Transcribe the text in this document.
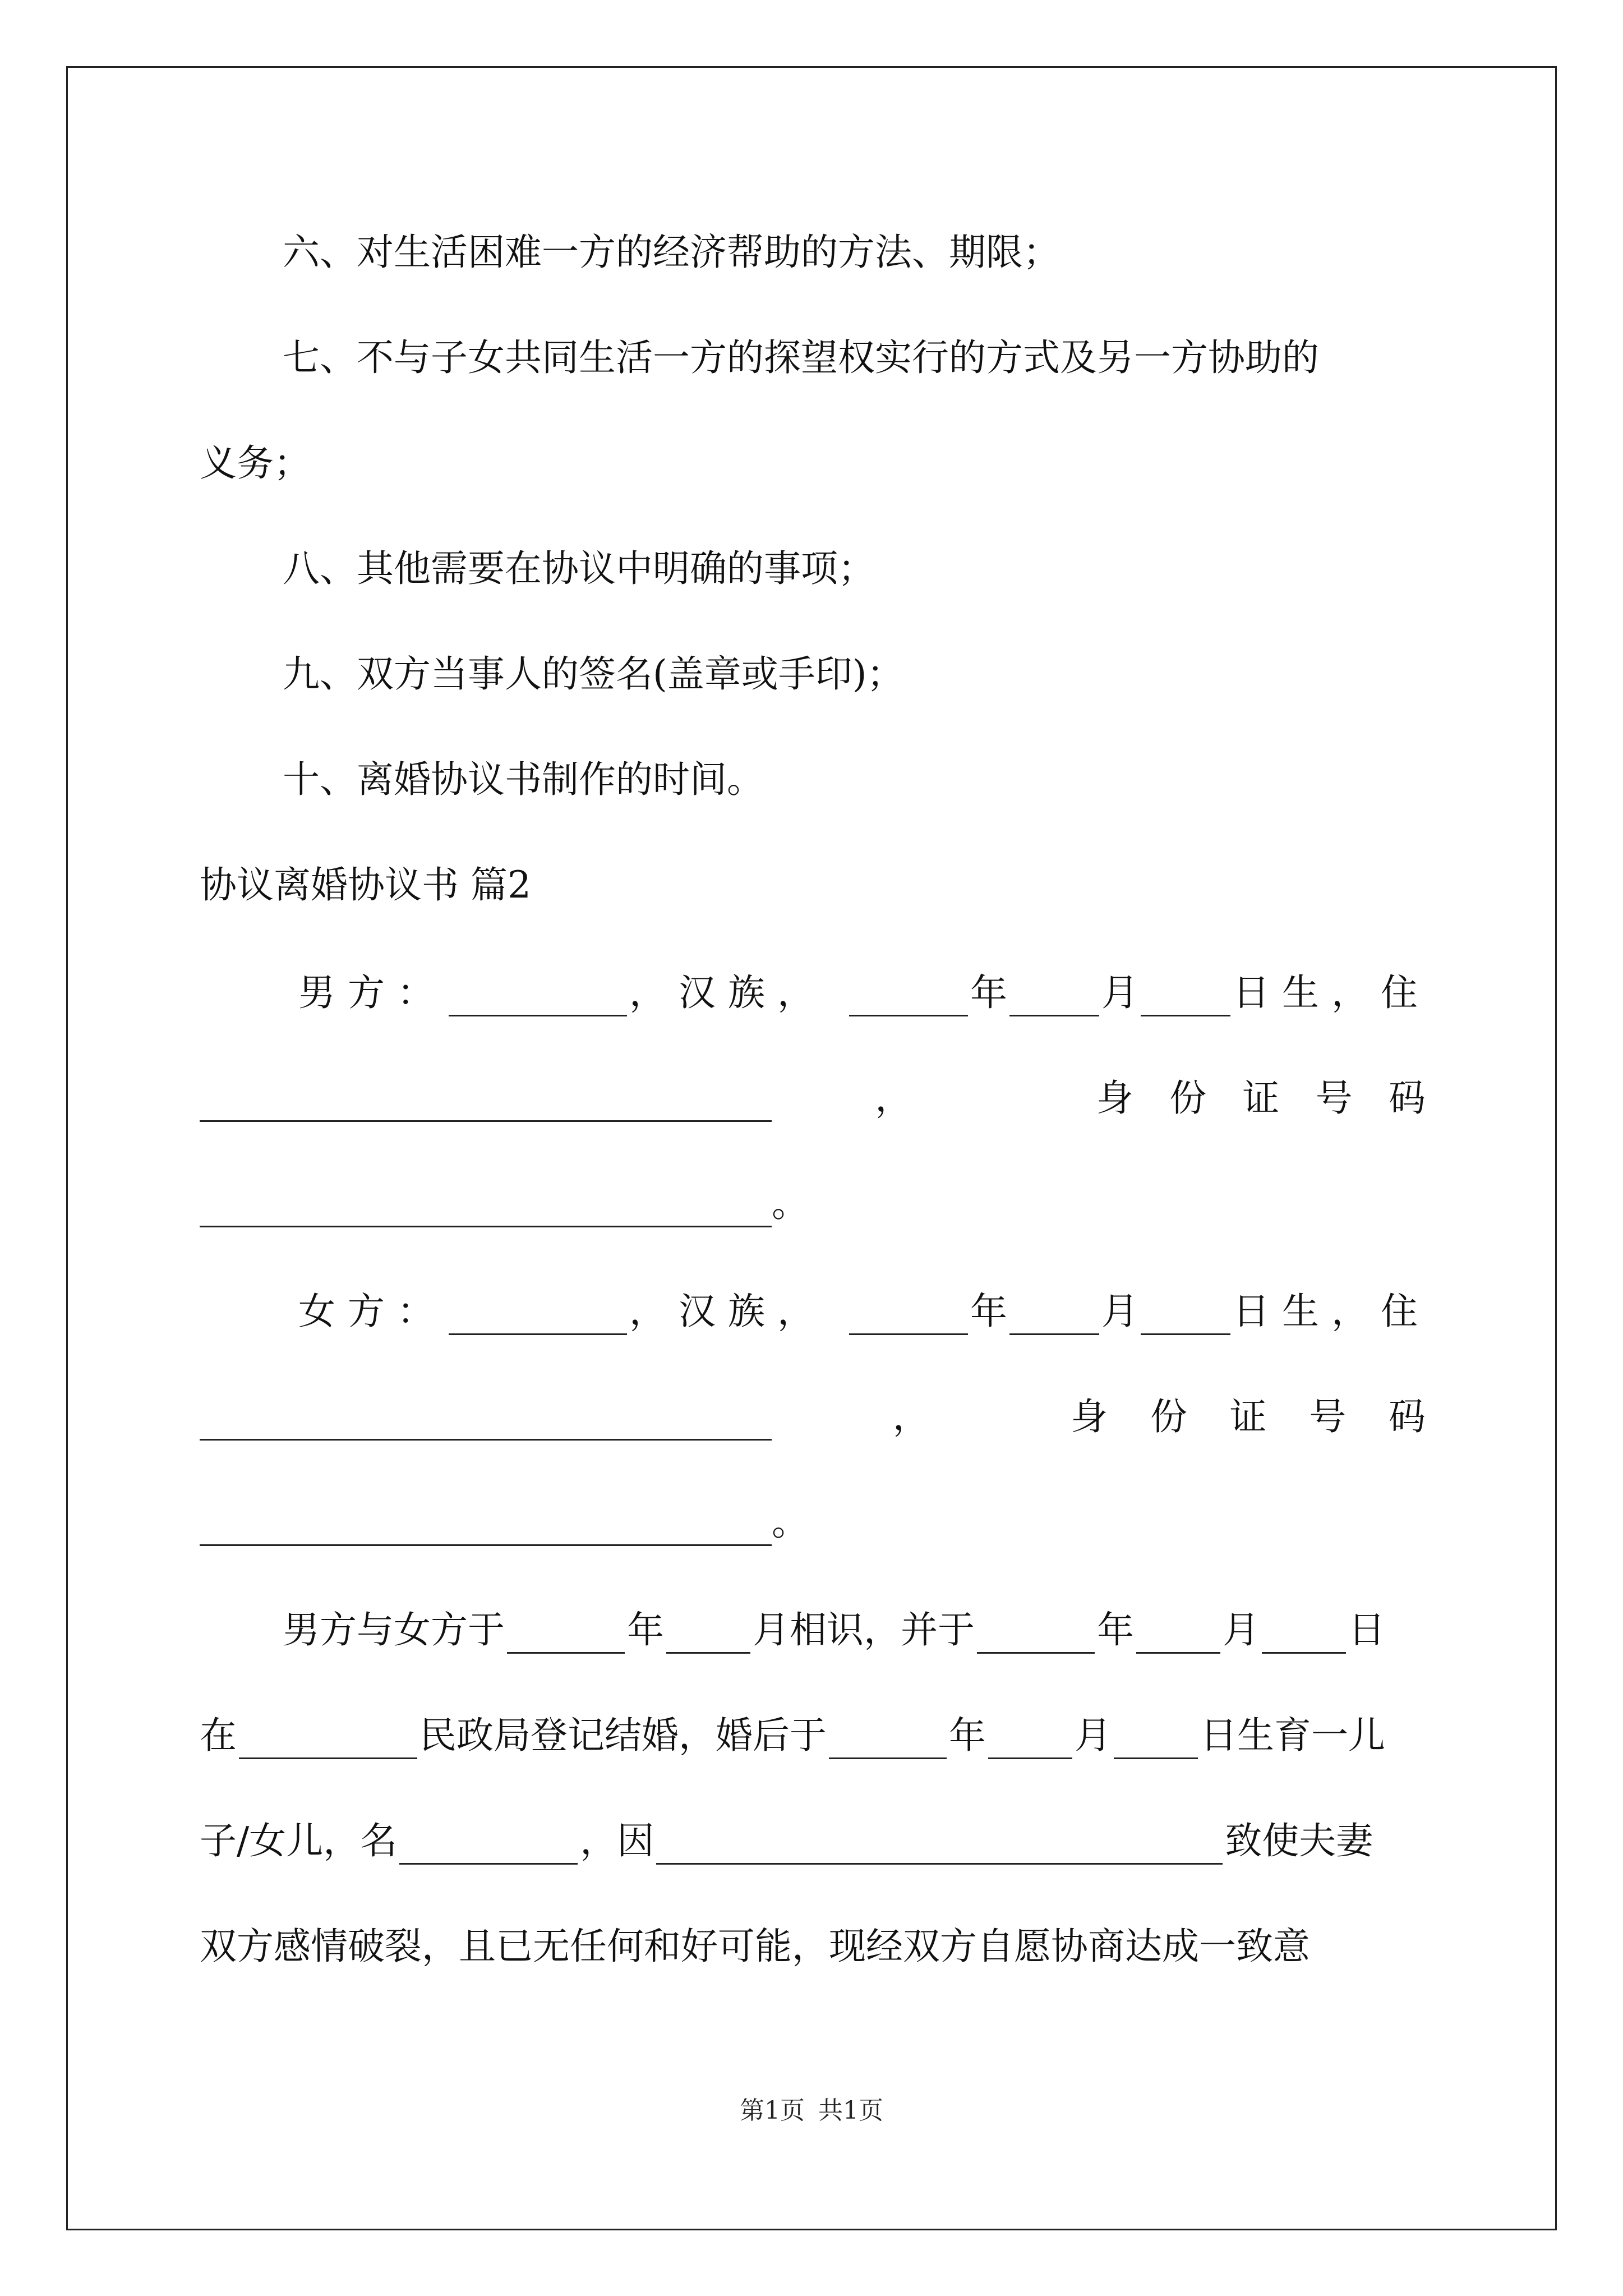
六、对生活困难一方的经济帮助的方法、期限；
七、不与子女共同生活一方的探望权实行的方式及另一方协助的
义务；
八、其他需要在协议中明确的事项；
九、双方当事人的签名(盖章或手印)；
十、离婚协议书制作的时间。
协议离婚协议书 篇2
男方：	，汉族，	年	月	日生，住
，	身 份 证 号 码
。
女方：	，汉族，	年	月	日生，住
，	身 份 证 号 码
。
男方与女方于	年 月相识，并于	年 月 日
在	民政局登记结婚，婚后于	年 月 日生育一儿
子/女儿，名	，因	致使夫妻
双方感情破裂，且已无任何和好可能，现经双方自愿协商达成一致意
第1页 共1页
